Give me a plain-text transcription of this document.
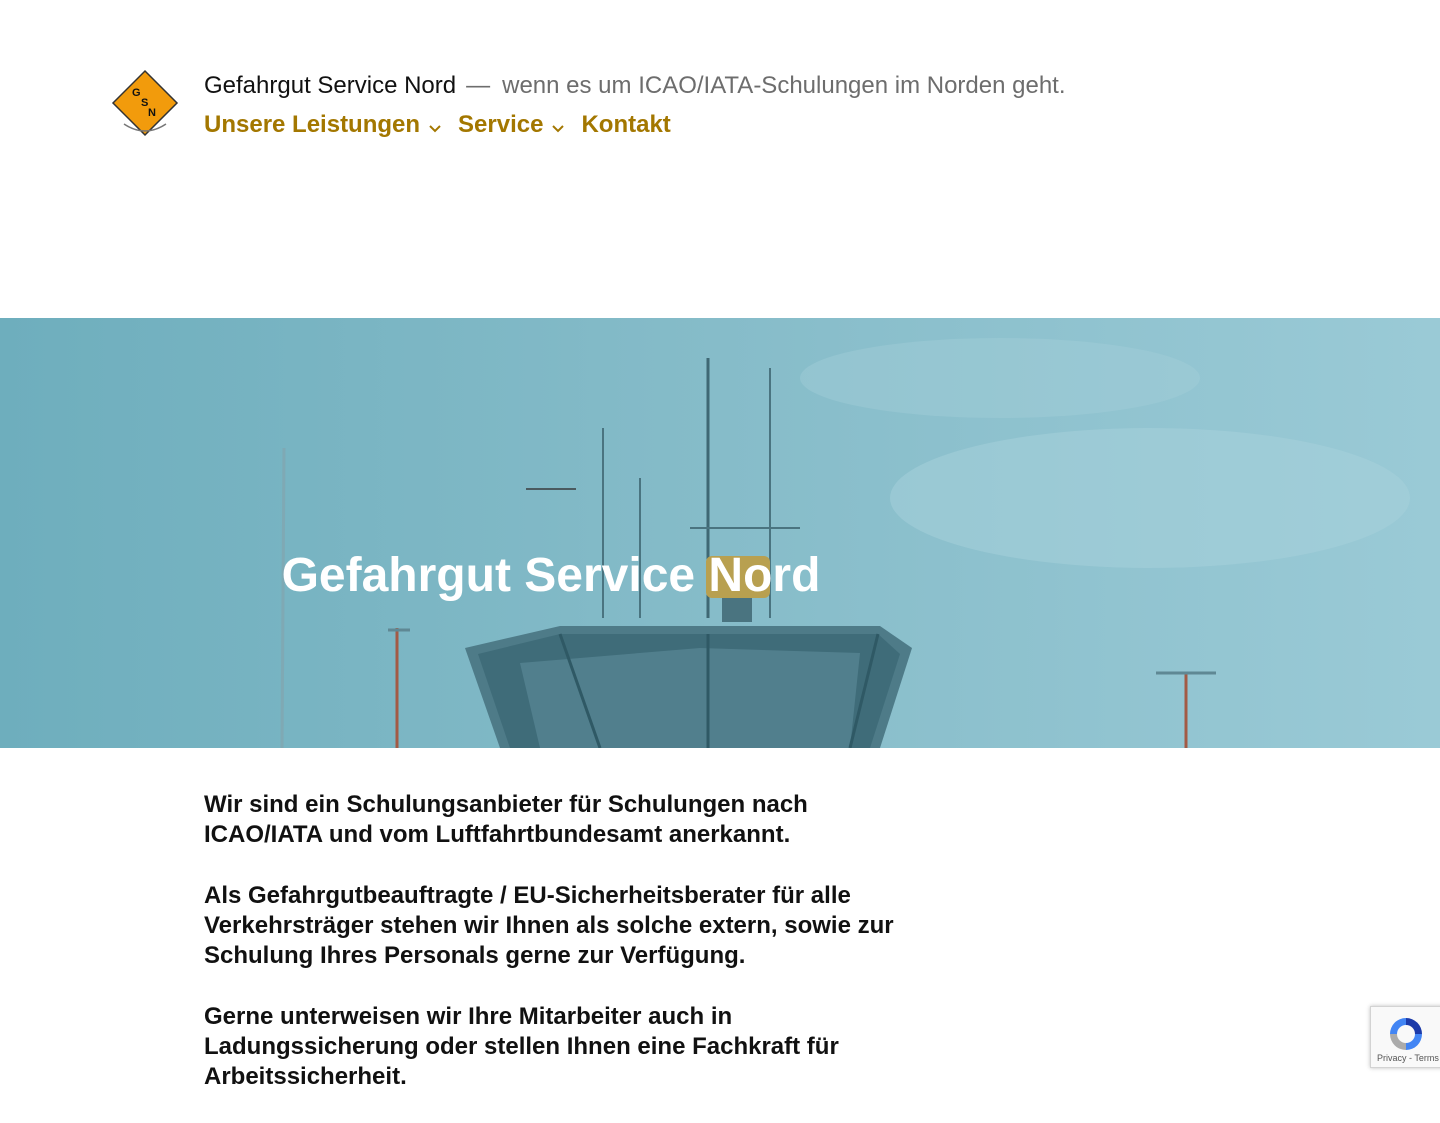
G
S
N
Gefahrgut Service Nord — wenn es um ICAO/IATA-Schulungen im Norden geht.
Unsere Leistungen Service Kontakt
Gefahrgut Service Nord

Wir sind ein Schulungsanbieter für Schulungen nach ICAO/IATA und vom Luftfahrtbundesamt anerkannt.

Als Gefahrgutbeauftragte / EU-Sicherheitsberater für alle Verkehrsträger stehen wir Ihnen als solche extern, sowie zur Schulung Ihres Personals gerne zur Verfügung.

Gerne unterweisen wir Ihre Mitarbeiter auch in Ladungssicherung oder stellen Ihnen eine Fachkraft für Arbeitssicherheit.

Privacy - Terms
